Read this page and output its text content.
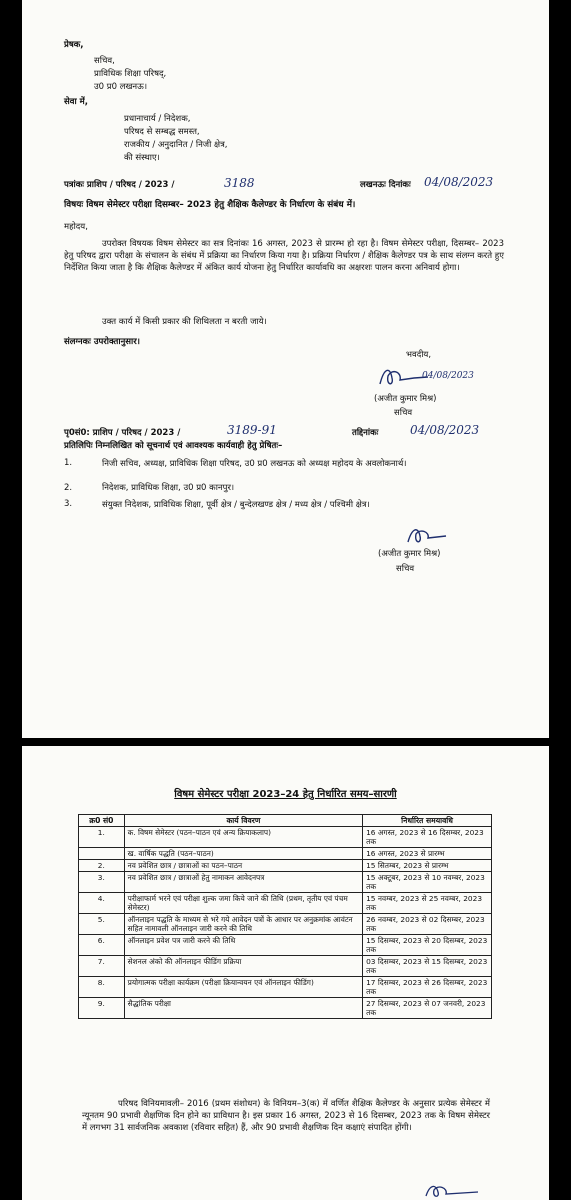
प्रेषक,
सचिव,
प्राविधिक शिक्षा परिषद्,
उ0 प्र0 लखनऊ।
सेवा में,
प्रधानाचार्य / निदेशक,
परिषद से सम्बद्ध समस्त,
राजकीय / अनुदानित / निजी क्षेत्र,
की संस्थाए।
पत्रांकः प्राशिप / परिषद / 2023 /	3188	लखनऊः दिनांकः 04/08/2023
विषयः विषम सेमेस्टर परीक्षा दिसम्बर– 2023 हेतु शैक्षिक कैलेण्डर के निर्धारण के संबंध में।
महोदय,
उपरोक्त विषयक विषम सेमेस्टर का सत्र दिनांकः 16 अगस्त, 2023 से प्रारम्भ हो रहा है। विषम सेमेस्टर परीक्षा, दिसम्बर– 2023 हेतु परिषद द्वारा परीक्षा के संचालन के संबंध में प्रक्रिया का निर्धारण किया गया है। प्रक्रिया निर्धारण / शैक्षिक कैलेण्डर पत्र के साथ संलग्न करते हुए निर्देशित किया जाता है कि शैक्षिक कैलेण्डर में अंकित कार्य योजना हेतु निर्धारित कार्यावधि का अक्षरशः पालन करना अनिवार्य होगा।
उक्त कार्य में किसी प्रकार की शिथिलता न बरती जाये।
संलग्नकः उपरोक्तानुसार।
भवदीय,
04/08/2023
(अजीत कुमार मिश्र)
सचिव
पृ0सं0: प्राशिप / परिषद / 2023 /	3189-91	तद्दिनांकः	04/08/2023
प्रतिलिपिः निम्नलिखित को सूचनार्थ एवं आवश्यक कार्यवाही हेतु प्रेषितः–
1.	निजी सचिव, अध्यक्ष, प्राविधिक शिक्षा परिषद, उ0 प्र0 लखनऊ को अध्यक्ष महोदय के अवलोकनार्थ।
2.	निदेशक, प्राविधिक शिक्षा, उ0 प्र0 कानपुर।
3.	संयुक्त निदेशक, प्राविधिक शिक्षा, पूर्वी क्षेत्र / बुन्देलखण्ड क्षेत्र / मध्य क्षेत्र / पश्चिमी क्षेत्र।
(अजीत कुमार मिश्र)
सचिव
विषम सेमेस्टर परीक्षा 2023–24 हेतु निर्धारित समय–सारणी
क्र0 सं0	कार्य विवरण	निर्धारित समयावधि
1.	क. विषम सेमेस्टर (पठन–पाठन एवं अन्य क्रियाकलाप)	16 अगस्त, 2023 से 16 दिसम्बर, 2023 तक
	ख. वार्षिक पद्धति (पठन–पाठन)	16 अगस्त, 2023 से प्रारम्भ
2.	नव प्रवेशित छात्र / छात्राओं का पठन–पाठन	15 सितम्बर, 2023 से प्रारम्भ
3.	नव प्रवेशित छात्र / छात्राओं हेतु नामाकन आवेदनपत्र	15 अक्टूबर, 2023 से 10 नवम्बर, 2023 तक
4.	परीक्षाफार्म भरने एवं परीक्षा शुल्क जमा किये जाने की तिथि (प्रथम, तृतीय एवं पंचम सेमेस्टर)	15 नवम्बर, 2023 से 25 नवम्बर, 2023 तक
5.	ऑनलाइन पद्धति के माध्यम से भरे गये आवेदन पत्रों के आधार पर अनुक्रमांक आवंटन सहित नामावली ऑनलाइन जारी करने की तिथि	26 नवम्बर, 2023 से 02 दिसम्बर, 2023 तक
6.	ऑनलाइन प्रवेश पत्र जारी करने की तिथि	15 दिसम्बर, 2023 से 20 दिसम्बर, 2023 तक
7.	सेशनल अंको की ऑनलाइन फीडिंग प्रक्रिया	03 दिसम्बर, 2023 से 15 दिसम्बर, 2023 तक
8.	प्रयोगात्मक परीक्षा कार्यक्रम (परीक्षा क्रियान्वयन एवं ऑनलाइन फीडिंग)	17 दिसम्बर, 2023 से 26 दिसम्बर, 2023 तक
9.	सैद्धांतिक परीक्षा	27 दिसम्बर, 2023 से 07 जनवरी, 2023 तक
परिषद विनियमावली– 2016 (प्रथम संशोधन) के विनियम–3(क) में वर्णित शैक्षिक कैलेण्डर के अनुसार प्रत्येक सेमेस्टर में न्यूनतम 90 प्रभावी शैक्षणिक दिन होने का प्राविधान है। इस प्रकार 16 अगस्त, 2023 से 16 दिसम्बर, 2023 तक के विषम सेमेस्टर में लगभग 31 सार्वजनिक अवकाश (रविवार सहित) हैं, और 90 प्रभावी शैक्षणिक दिन कक्षाएं संपादित होंगी।
